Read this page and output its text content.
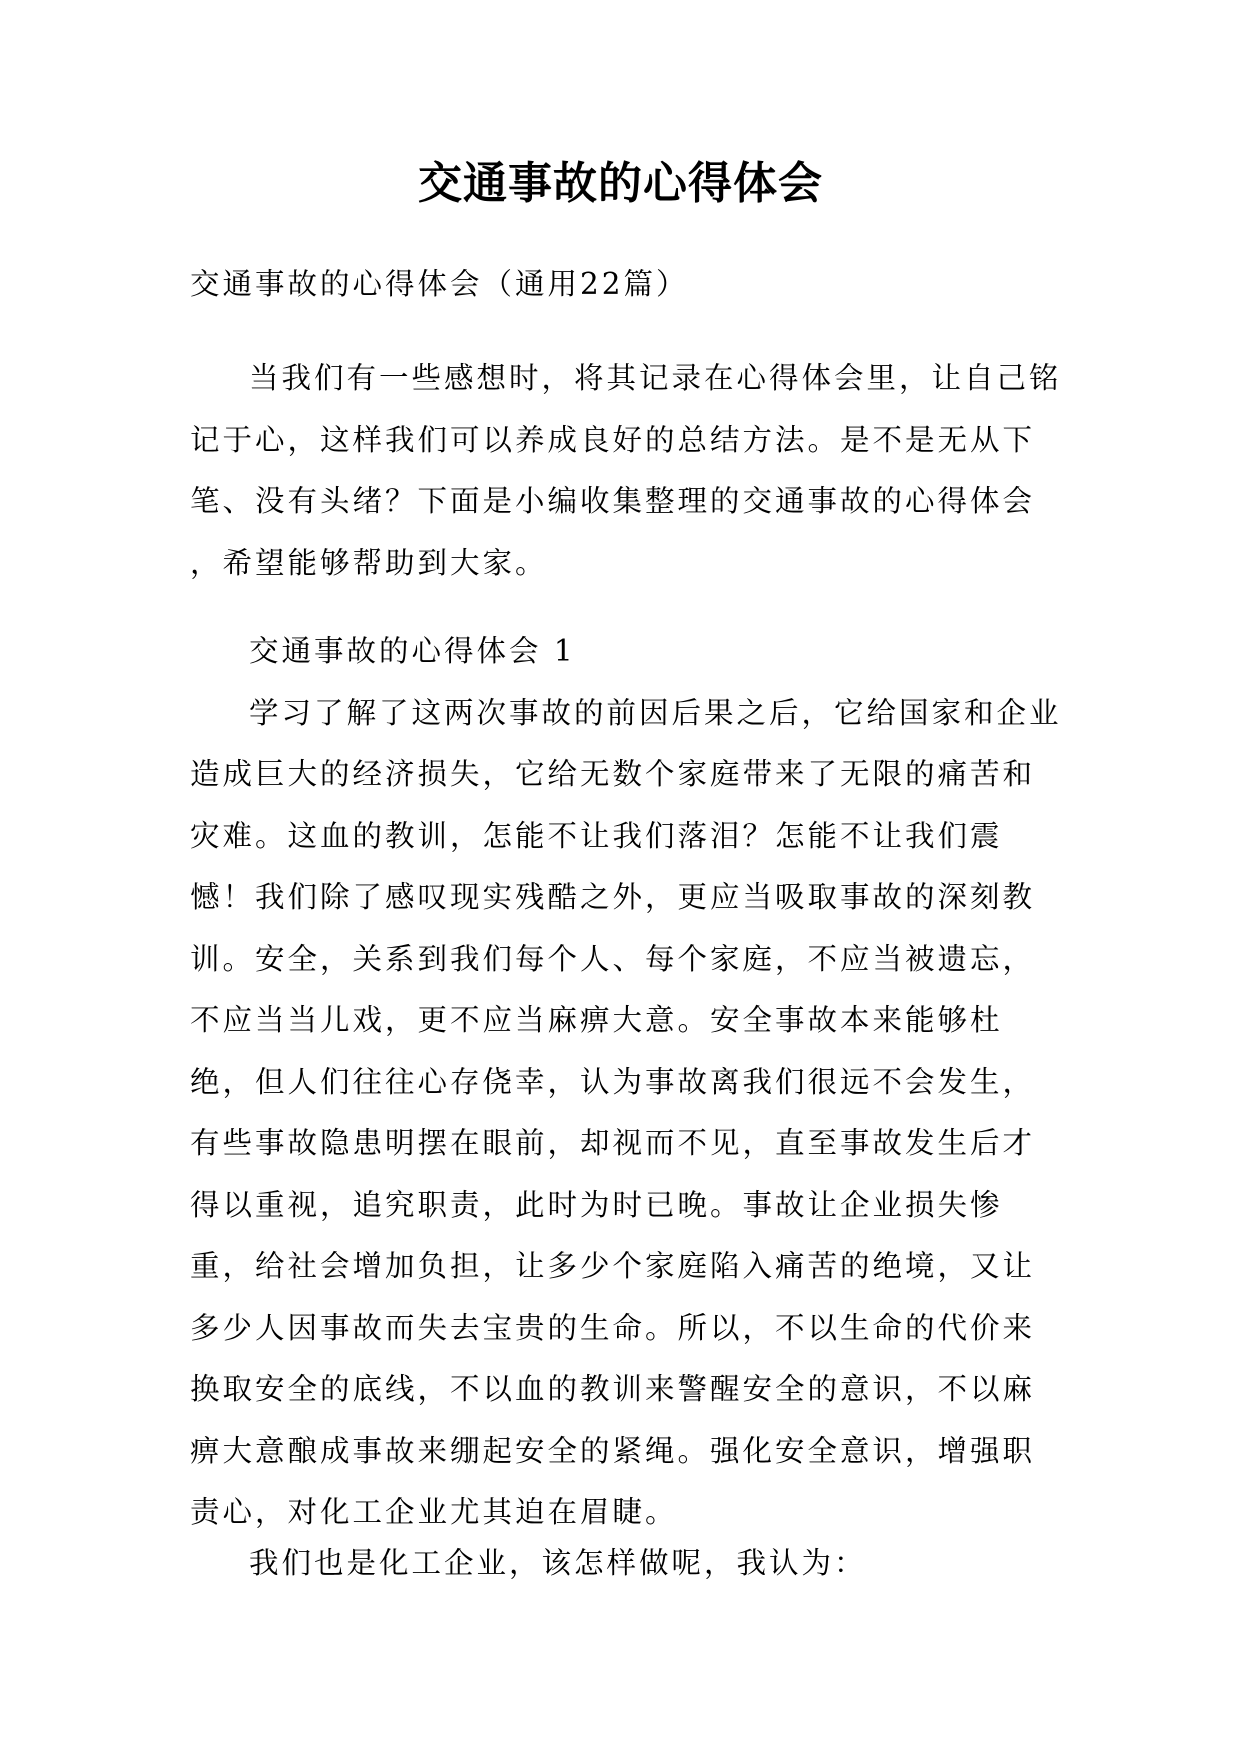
交通事故的心得体会

交通事故的心得体会（通用22篇）

当我们有一些感想时，将其记录在心得体会里，让自己铭记于心，这样我们可以养成良好的总结方法。是不是无从下笔、没有头绪？下面是小编收集整理的交通事故的心得体会 ，希望能够帮助到大家。

交通事故的心得体会 1

学习了解了这两次事故的前因后果之后，它给国家和企业造成巨大的经济损失，它给无数个家庭带来了无限的痛苦和灾难。这血的教训，怎能不让我们落泪？怎能不让我们震憾！我们除了感叹现实残酷之外，更应当吸取事故的深刻教训。安全，关系到我们每个人、每个家庭，不应当被遗忘，不应当当儿戏，更不应当麻痹大意。安全事故本来能够杜绝，但人们往往心存侥幸，认为事故离我们很远不会发生，有些事故隐患明摆在眼前，却视而不见，直至事故发生后才得以重视，追究职责，此时为时已晚。事故让企业损失惨重，给社会增加负担，让多少个家庭陷入痛苦的绝境，又让多少人因事故而失去宝贵的生命。所以，不以生命的代价来换取安全的底线，不以血的教训来警醒安全的意识，不以麻痹大意酿成事故来绷起安全的紧绳。强化安全意识，增强职责心，对化工企业尤其迫在眉睫。

我们也是化工企业，该怎样做呢，我认为：
